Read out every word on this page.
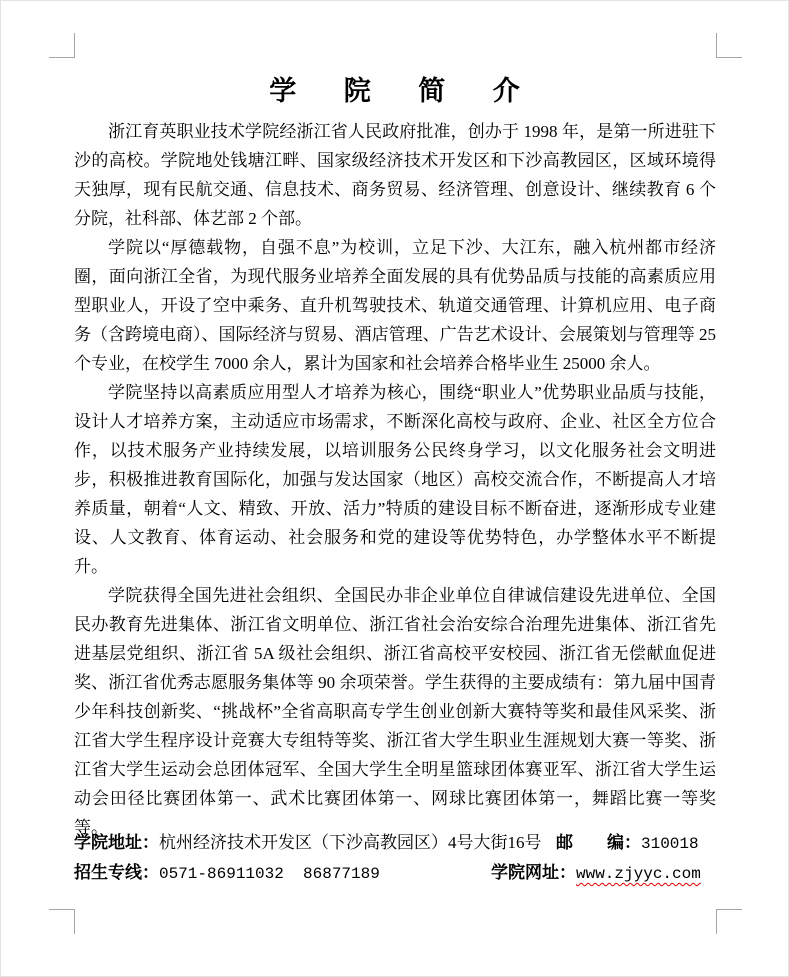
学 院 简 介

浙江育英职业技术学院经浙江省人民政府批准，创办于 1998 年，是第一所进驻下沙的高校。学院地处钱塘江畔、国家级经济技术开发区和下沙高教园区，区域环境得天独厚，现有民航交通、信息技术、商务贸易、经济管理、创意设计、继续教育 6 个分院，社科部、体艺部 2 个部。

学院以“厚德载物，自强不息”为校训，立足下沙、大江东，融入杭州都市经济圈，面向浙江全省，为现代服务业培养全面发展的具有优势品质与技能的高素质应用型职业人，开设了空中乘务、直升机驾驶技术、轨道交通管理、计算机应用、电子商务（含跨境电商）、国际经济与贸易、酒店管理、广告艺术设计、会展策划与管理等 25 个专业，在校学生 7000 余人，累计为国家和社会培养合格毕业生 25000 余人。

学院坚持以高素质应用型人才培养为核心，围绕“职业人”优势职业品质与技能，设计人才培养方案，主动适应市场需求，不断深化高校与政府、企业、社区全方位合作，以技术服务产业持续发展，以培训服务公民终身学习，以文化服务社会文明进步，积极推进教育国际化，加强与发达国家（地区）高校交流合作，不断提高人才培养质量，朝着“人文、精致、开放、活力”特质的建设目标不断奋进，逐渐形成专业建设、人文教育、体育运动、社会服务和党的建设等优势特色，办学整体水平不断提升。

学院获得全国先进社会组织、全国民办非企业单位自律诚信建设先进单位、全国民办教育先进集体、浙江省文明单位、浙江省社会治安综合治理先进集体、浙江省先进基层党组织、浙江省 5A 级社会组织、浙江省高校平安校园、浙江省无偿献血促进奖、浙江省优秀志愿服务集体等 90 余项荣誉。学生获得的主要成绩有：第九届中国青少年科技创新奖、“挑战杯”全省高职高专学生创业创新大赛特等奖和最佳风采奖、浙江省大学生程序设计竞赛大专组特等奖、浙江省大学生职业生涯规划大赛一等奖、浙江省大学生运动会总团体冠军、全国大学生全明星篮球团体赛亚军、浙江省大学生运动会田径比赛团体第一、武术比赛团体第一、网球比赛团体第一，舞蹈比赛一等奖等。

学院地址：杭州经济技术开发区（下沙高教园区）4号大街16号 邮　　编：310018
招生专线：0571-86911032  86877189	学院网址：www.zjyyc.com
